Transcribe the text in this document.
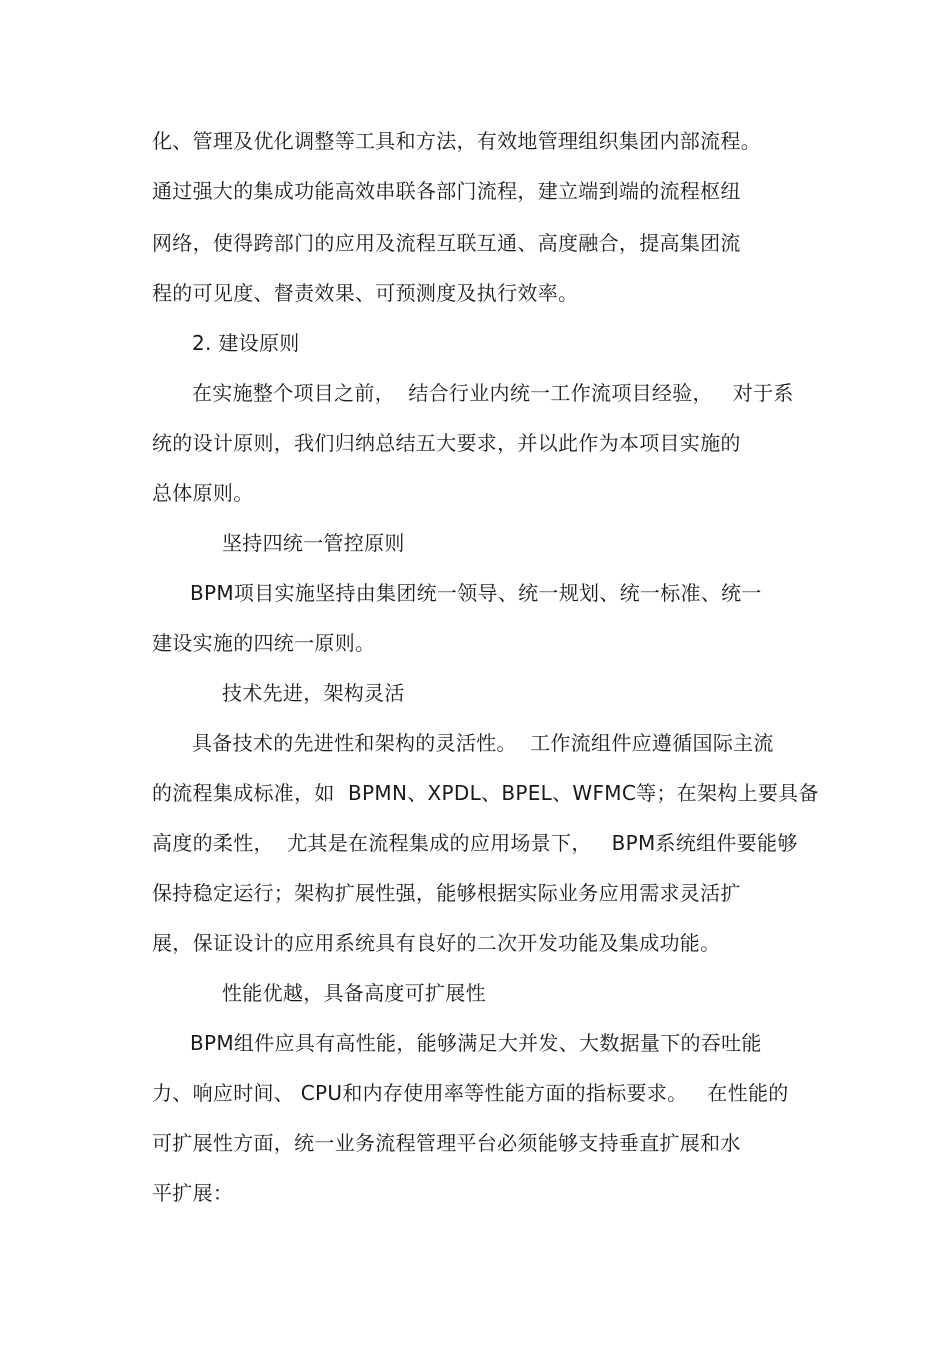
化、管理及优化调整等工具和方法，有效地管理组织集团内部流程。
通过强大的集成功能高效串联各部门流程，建立端到端的流程枢纽
网络，使得跨部门的应用及流程互联互通、高度融合，提高集团流
程的可见度、督责效果、可预测度及执行效率。
2. 建设原则
在实施整个项目之前，  结合行业内统一工作流项目经验，   对于系
统的设计原则，我们归纳总结五大要求，并以此作为本项目实施的
总体原则。
坚持四统一管控原则
BPM项目实施坚持由集团统一领导、统一规划、统一标准、统一
建设实施的四统一原则。
技术先进，架构灵活
具备技术的先进性和架构的灵活性。  工作流组件应遵循国际主流
的流程集成标准，如  BPMN、XPDL、BPEL、WFMC等；在架构上要具备
高度的柔性，  尤其是在流程集成的应用场景下，   BPM系统组件要能够
保持稳定运行；架构扩展性强，能够根据实际业务应用需求灵活扩
展，保证设计的应用系统具有良好的二次开发功能及集成功能。
性能优越，具备高度可扩展性
BPM组件应具有高性能，能够满足大并发、大数据量下的吞吐能
力、响应时间、 CPU和内存使用率等性能方面的指标要求。   在性能的
可扩展性方面，统一业务流程管理平台必须能够支持垂直扩展和水
平扩展：
